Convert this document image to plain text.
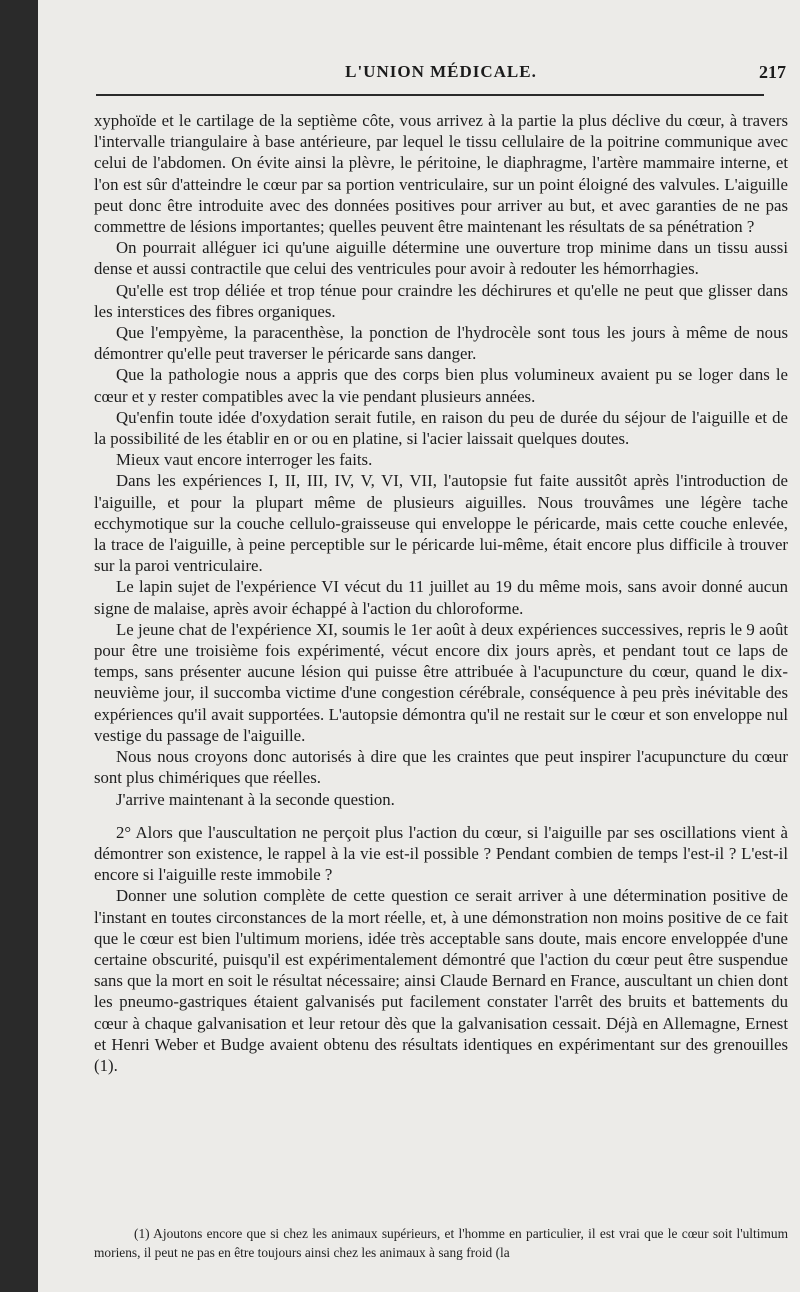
L'UNION MÉDICALE.	217

xyphoïde et le cartilage de la septième côte, vous arrivez à la partie la plus déclive du cœur, à travers l'intervalle triangulaire à base antérieure, par lequel le tissu cellulaire de la poitrine communique avec celui de l'abdomen. On évite ainsi la plèvre, le péritoine, le diaphragme, l'artère mammaire interne, et l'on est sûr d'atteindre le cœur par sa portion ventriculaire, sur un point éloigné des valvules. L'aiguille peut donc être introduite avec des données positives pour arriver au but, et avec garanties de ne pas commettre de lésions importantes; quelles peuvent être maintenant les résultats de sa pénétration ?

On pourrait alléguer ici qu'une aiguille détermine une ouverture trop minime dans un tissu aussi dense et aussi contractile que celui des ventricules pour avoir à redouter les hémorrhagies.

Qu'elle est trop déliée et trop ténue pour craindre les déchirures et qu'elle ne peut que glisser dans les interstices des fibres organiques.

Que l'empyème, la paracenthèse, la ponction de l'hydrocèle sont tous les jours à même de nous démontrer qu'elle peut traverser le péricarde sans danger.

Que la pathologie nous a appris que des corps bien plus volumineux avaient pu se loger dans le cœur et y rester compatibles avec la vie pendant plusieurs années.

Qu'enfin toute idée d'oxydation serait futile, en raison du peu de durée du séjour de l'aiguille et de la possibilité de les établir en or ou en platine, si l'acier laissait quelques doutes.

Mieux vaut encore interroger les faits.

Dans les expériences I, II, III, IV, V, VI, VII, l'autopsie fut faite aussitôt après l'introduction de l'aiguille, et pour la plupart même de plusieurs aiguilles. Nous trouvâmes une légère tache ecchymotique sur la couche cellulo-graisseuse qui enveloppe le péricarde, mais cette couche enlevée, la trace de l'aiguille, à peine perceptible sur le péricarde lui-même, était encore plus difficile à trouver sur la paroi ventriculaire.

Le lapin sujet de l'expérience VI vécut du 11 juillet au 19 du même mois, sans avoir donné aucun signe de malaise, après avoir échappé à l'action du chloroforme.

Le jeune chat de l'expérience XI, soumis le 1er août à deux expériences successives, repris le 9 août pour être une troisième fois expérimenté, vécut encore dix jours après, et pendant tout ce laps de temps, sans présenter aucune lésion qui puisse être attribuée à l'acupuncture du cœur, quand le dix-neuvième jour, il succomba victime d'une congestion cérébrale, conséquence à peu près inévitable des expériences qu'il avait supportées. L'autopsie démontra qu'il ne restait sur le cœur et son enveloppe nul vestige du passage de l'aiguille.

Nous nous croyons donc autorisés à dire que les craintes que peut inspirer l'acupuncture du cœur sont plus chimériques que réelles.

J'arrive maintenant à la seconde question.

2° Alors que l'auscultation ne perçoit plus l'action du cœur, si l'aiguille par ses oscillations vient à démontrer son existence, le rappel à la vie est-il possible ? Pendant combien de temps l'est-il ? L'est-il encore si l'aiguille reste immobile ?

Donner une solution complète de cette question ce serait arriver à une détermination positive de l'instant en toutes circonstances de la mort réelle, et, à une démonstration non moins positive de ce fait que le cœur est bien l'ultimum moriens, idée très acceptable sans doute, mais encore enveloppée d'une certaine obscurité, puisqu'il est expérimentalement démontré que l'action du cœur peut être suspendue sans que la mort en soit le résultat nécessaire; ainsi Claude Bernard en France, auscultant un chien dont les pneumo-gastriques étaient galvanisés put facilement constater l'arrêt des bruits et battements du cœur à chaque galvanisation et leur retour dès que la galvanisation cessait. Déjà en Allemagne, Ernest et Henri Weber et Budge avaient obtenu des résultats identiques en expérimentant sur des grenouilles (1).

(1) Ajoutons encore que si chez les animaux supérieurs, et l'homme en particulier, il est vrai que le cœur soit l'ultimum moriens, il peut ne pas en être toujours ainsi chez les animaux à sang froid (la
